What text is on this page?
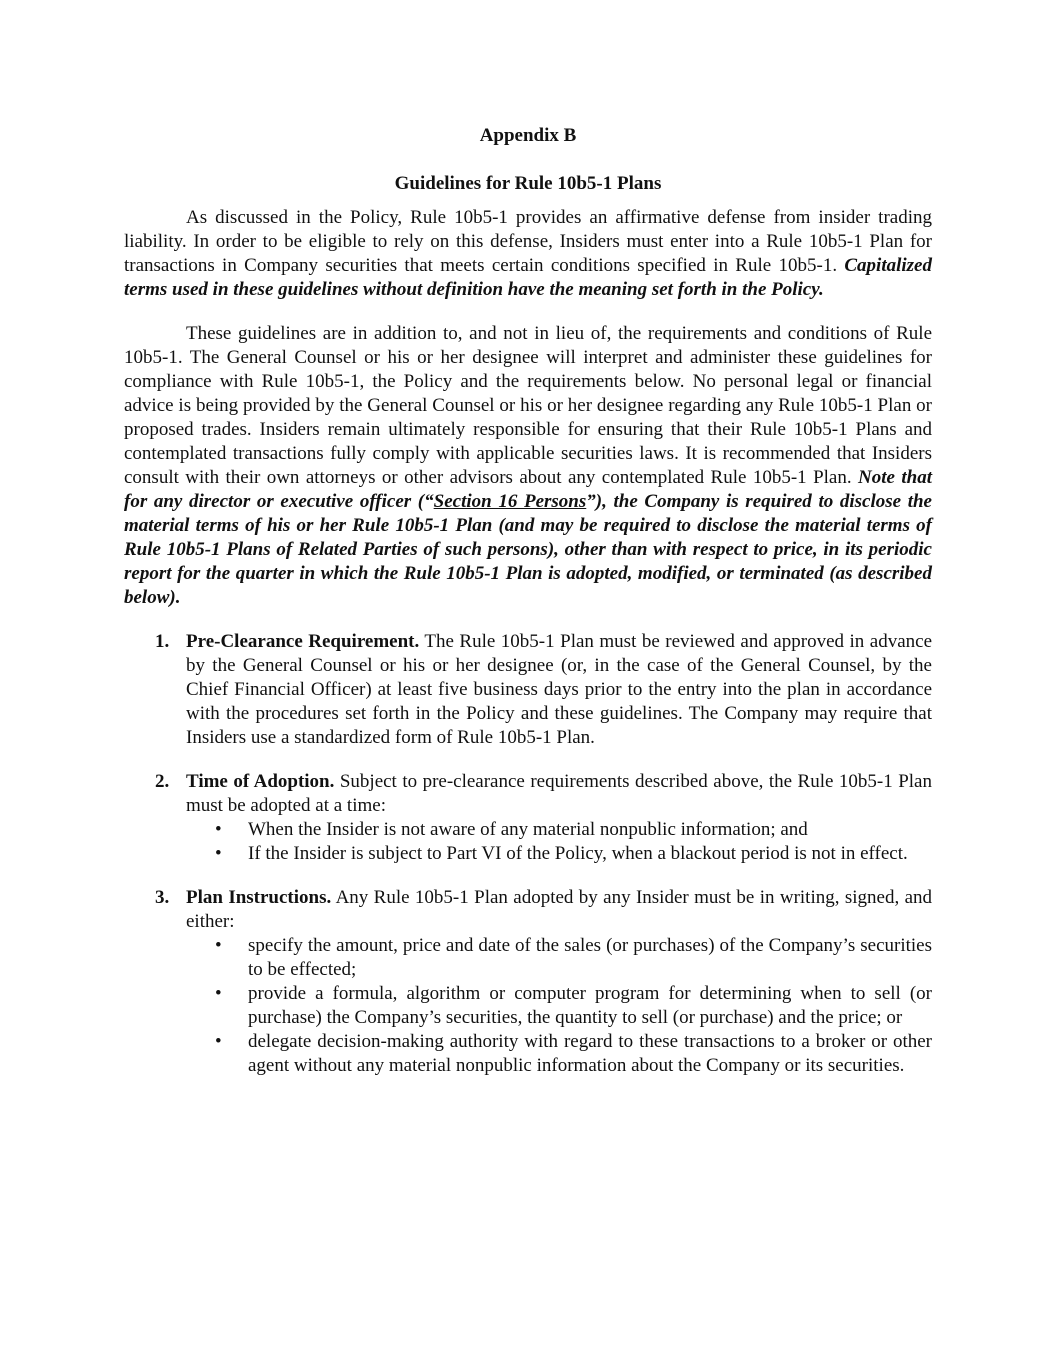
Appendix B

Guidelines for Rule 10b5-1 Plans

As discussed in the Policy, Rule 10b5-1 provides an affirmative defense from insider trading liability. In order to be eligible to rely on this defense, Insiders must enter into a Rule 10b5-1 Plan for transactions in Company securities that meets certain conditions specified in Rule 10b5-1. Capitalized terms used in these guidelines without definition have the meaning set forth in the Policy.

These guidelines are in addition to, and not in lieu of, the requirements and conditions of Rule 10b5-1. The General Counsel or his or her designee will interpret and administer these guidelines for compliance with Rule 10b5-1, the Policy and the requirements below. No personal legal or financial advice is being provided by the General Counsel or his or her designee regarding any Rule 10b5-1 Plan or proposed trades. Insiders remain ultimately responsible for ensuring that their Rule 10b5-1 Plans and contemplated transactions fully comply with applicable securities laws. It is recommended that Insiders consult with their own attorneys or other advisors about any contemplated Rule 10b5-1 Plan. Note that for any director or executive officer (“Section 16 Persons”), the Company is required to disclose the material terms of his or her Rule 10b5-1 Plan (and may be required to disclose the material terms of Rule 10b5-1 Plans of Related Parties of such persons), other than with respect to price, in its periodic report for the quarter in which the Rule 10b5-1 Plan is adopted, modified, or terminated (as described below).

1. Pre-Clearance Requirement. The Rule 10b5-1 Plan must be reviewed and approved in advance by the General Counsel or his or her designee (or, in the case of the General Counsel, by the Chief Financial Officer) at least five business days prior to the entry into the plan in accordance with the procedures set forth in the Policy and these guidelines. The Company may require that Insiders use a standardized form of Rule 10b5-1 Plan.
2. Time of Adoption. Subject to pre-clearance requirements described above, the Rule 10b5-1 Plan must be adopted at a time:
• When the Insider is not aware of any material nonpublic information; and
• If the Insider is subject to Part VI of the Policy, when a blackout period is not in effect.
3. Plan Instructions. Any Rule 10b5-1 Plan adopted by any Insider must be in writing, signed, and either:
• specify the amount, price and date of the sales (or purchases) of the Company’s securities to be effected;
• provide a formula, algorithm or computer program for determining when to sell (or purchase) the Company’s securities, the quantity to sell (or purchase) and the price; or
• delegate decision-making authority with regard to these transactions to a broker or other agent without any material nonpublic information about the Company or its securities.
